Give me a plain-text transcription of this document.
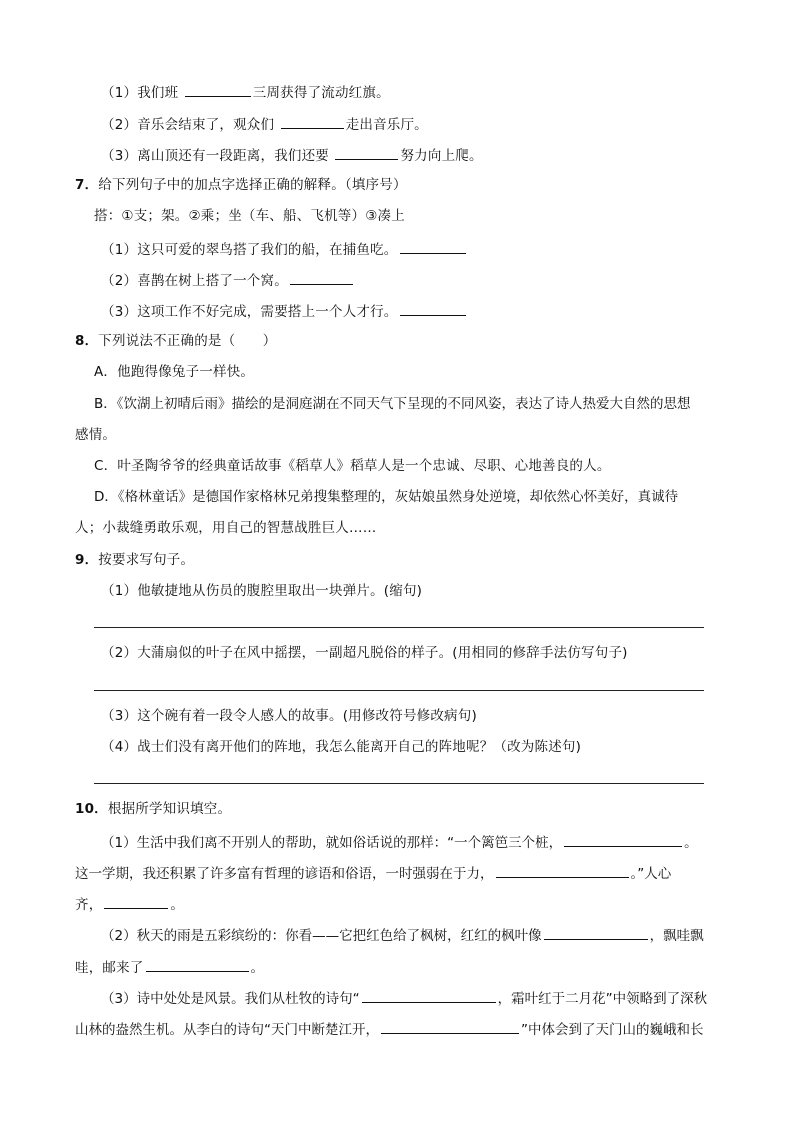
（1）我们班	三周获得了流动红旗。
（2）音乐会结束了，观众们	走出音乐厅。
（3）离山顶还有一段距离，我们还要	努力向上爬。
7．给下列句子中的加点字选择正确的解释。（填序号）
搭：①支；架。②乘；坐（车、船、飞机等）③凑上
（1）这只可爱的翠鸟搭了我们的船，在捕鱼吃。
（2）喜鹊在树上搭了一个窝。
（3）这项工作不好完成，需要搭上一个人才行。
8．下列说法不正确的是（　　）
A．他跑得像兔子一样快。
B．《饮湖上初晴后雨》描绘的是洞庭湖在不同天气下呈现的不同风姿，表达了诗人热爱大自然的思想
感情。
C．叶圣陶爷爷的经典童话故事《稻草人》稻草人是一个忠诚、尽职、心地善良的人。
D．《格林童话》是德国作家格林兄弟搜集整理的，灰姑娘虽然身处逆境，却依然心怀美好，真诚待
人；小裁缝勇敢乐观，用自己的智慧战胜巨人……
9．按要求写句子。
（1）他敏捷地从伤员的腹腔里取出一块弹片。(缩句)
（2）大蒲扇似的叶子在风中摇摆，一副超凡脱俗的样子。(用相同的修辞手法仿写句子)
（3）这个碗有着一段令人感人的故事。(用修改符号修改病句)
（4）战士们没有离开他们的阵地，我怎么能离开自己的阵地呢？（改为陈述句)
10．根据所学知识填空。
（1）生活中我们离不开别人的帮助，就如俗话说的那样：“一个篱笆三个桩，	。
这一学期，我还积累了许多富有哲理的谚语和俗语，一时强弱在于力，	。”人心
齐，	。
（2）秋天的雨是五彩缤纷的：你看——它把红色给了枫树，红红的枫叶像	，飘哇飘
哇，邮来了	。
（3）诗中处处是风景。我们从杜牧的诗句“	，霜叶红于二月花”中领略到了深秋
山林的盎然生机。从李白的诗句“天门中断楚江开，	”中体会到了天门山的巍峨和长
